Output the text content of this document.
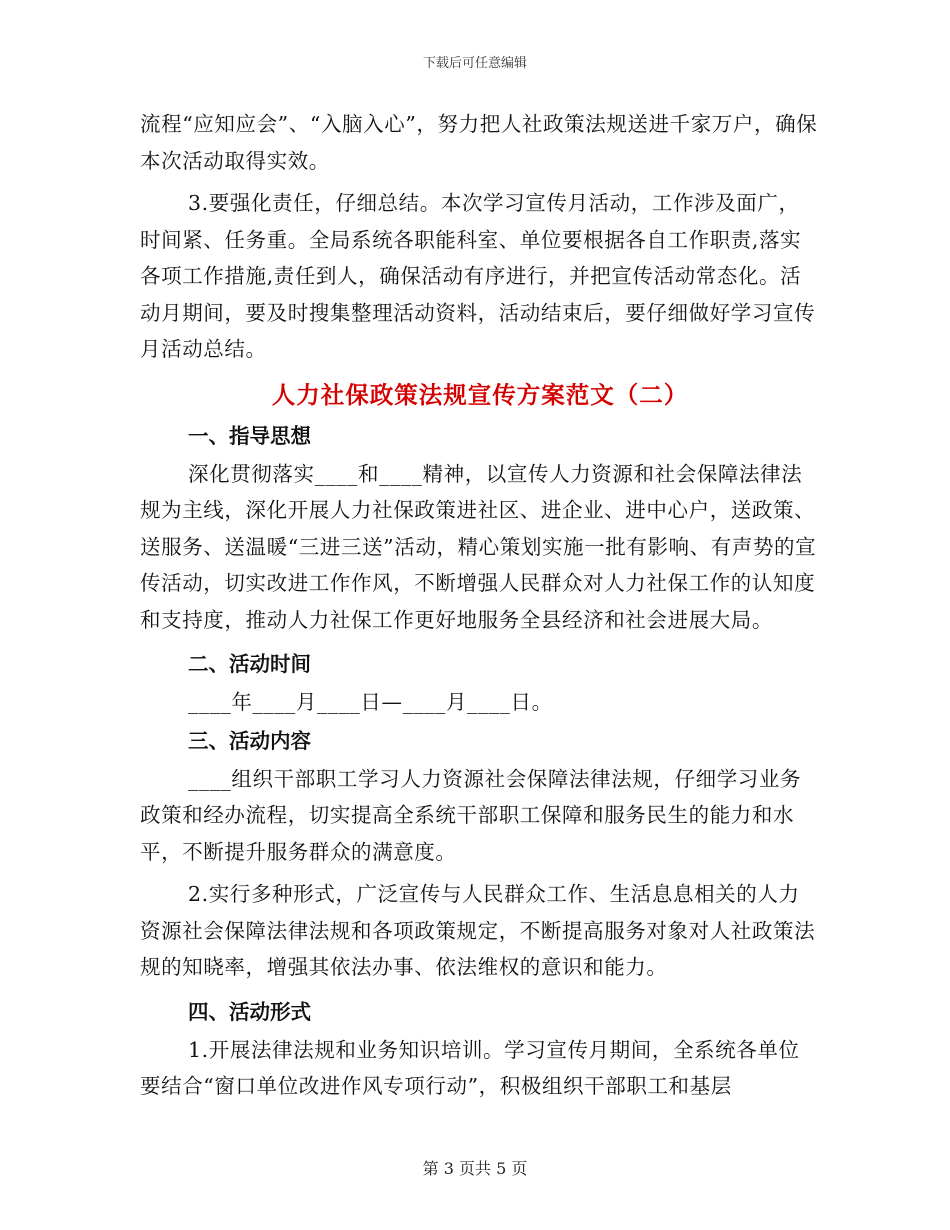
下载后可任意编辑

流程“应知应会”、“入脑入心”，努力把人社政策法规送进千家万户，确保本次活动取得实效。

3.要强化责任，仔细总结。本次学习宣传月活动，工作涉及面广，时间紧、任务重。全局系统各职能科室、单位要根据各自工作职责,落实各项工作措施,责任到人，确保活动有序进行，并把宣传活动常态化。活动月期间，要及时搜集整理活动资料，活动结束后，要仔细做好学习宣传月活动总结。

人力社保政策法规宣传方案范文（二）
一、指导思想

深化贯彻落实____和____精神，以宣传人力资源和社会保障法律法规为主线，深化开展人力社保政策进社区、进企业、进中心户，送政策、送服务、送温暖“三进三送”活动，精心策划实施一批有影响、有声势的宣传活动，切实改进工作作风，不断增强人民群众对人力社保工作的认知度和支持度，推动人力社保工作更好地服务全县经济和社会进展大局。

二、活动时间

____年____月____日—____月____日。

三、活动内容

____组织干部职工学习人力资源社会保障法律法规，仔细学习业务政策和经办流程，切实提高全系统干部职工保障和服务民生的能力和水平，不断提升服务群众的满意度。

2.实行多种形式，广泛宣传与人民群众工作、生活息息相关的人力资源社会保障法律法规和各项政策规定，不断提高服务对象对人社政策法规的知晓率，增强其依法办事、依法维权的意识和能力。

四、活动形式

1.开展法律法规和业务知识培训。学习宣传月期间，全系统各单位要结合“窗口单位改进作风专项行动”，积极组织干部职工和基层

第 3 页共 5 页
